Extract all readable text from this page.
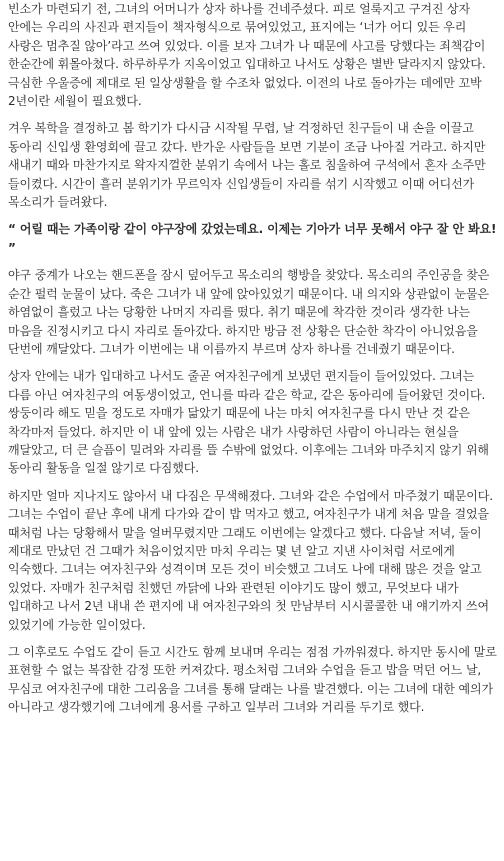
빈소가 마련되기 전, 그녀의 어머니가 상자 하나를 건네주셨다. 피로 얼룩지고 구겨진 상자 안에는 우리의 사진과 편지들이 책자형식으로 묶여있었고, 표지에는 ‘너가 어디 있든 우리 사랑은 멈추질 않아’라고 쓰여 있었다. 이를 보자 그녀가 나 때문에 사고를 당했다는 죄책감이 한순간에 휘몰아쳤다. 하루하루가 지옥이었고 입대하고 나서도 상황은 별반 달라지지 않았다. 극심한 우울증에 제대로 된 일상생활을 할 수조차 없었다. 이전의 나로 돌아가는 데에만 꼬박 2년이란 세월이 필요했다.

겨우 복학을 결정하고 봄 학기가 다시금 시작될 무렵, 날 걱정하던 친구들이 내 손을 이끌고 동아리 신입생 환영회에 끌고 갔다. 반가운 사람들을 보면 기분이 조금 나아질 거라고. 하지만 새내기 때와 마찬가지로 왁자지껄한 분위기 속에서 나는 홀로 침울하여 구석에서 혼자 소주만 들이켰다. 시간이 흘러 분위기가 무르익자 신입생들이 자리를 섞기 시작했고 이때 어디선가 목소리가 들려왔다.

“ 어릴 때는 가족이랑 같이 야구장에 갔었는데요. 이제는 기아가 너무 못해서 야구 잘 안 봐요! ”

야구 중계가 나오는 핸드폰을 잠시 덮어두고 목소리의 행방을 찾았다. 목소리의 주인공을 찾은 순간 펄럭 눈물이 났다. 죽은 그녀가 내 앞에 앉아있었기 때문이다. 내 의지와 상관없이 눈물은 하염없이 흘렀고 나는 당황한 나머지 자리를 떴다. 취기 때문에 착각한 것이라 생각한 나는 마음을 진정시키고 다시 자리로 돌아갔다. 하지만 방금 전 상황은 단순한 착각이 아니었음을 단번에 깨달았다. 그녀가 이번에는 내 이름까지 부르며 상자 하나를 건네줬기 때문이다.

상자 안에는 내가 입대하고 나서도 줄곧 여자친구에게 보냈던 편지들이 들어있었다. 그녀는 다름 아닌 여자친구의 여동생이었고, 언니를 따라 같은 학교, 같은 동아리에 들어왔던 것이다. 쌍둥이라 해도 믿을 정도로 자매가 닮았기 때문에 나는 마치 여자친구를 다시 만난 것 같은 착각마저 들었다. 하지만 이 내 앞에 있는 사람은 내가 사랑하던 사람이 아니라는 현실을 깨달았고, 더 큰 슬픔이 밀려와 자리를 뜰 수밖에 없었다. 이후에는 그녀와 마주치지 않기 위해 동아리 활동을 일절 않기로 다짐했다.

하지만 얼마 지나지도 않아서 내 다짐은 무색해졌다. 그녀와 같은 수업에서 마주쳤기 때문이다. 그녀는 수업이 끝난 후에 내게 다가와 같이 밥 먹자고 했고, 여자친구가 내게 처음 말을 걸었을 때처럼 나는 당황해서 말을 얼버무렸지만 그래도 이번에는 알겠다고 했다. 다음날 저녁, 둘이 제대로 만났던 건 그때가 처음이었지만 마치 우리는 몇 년 알고 지낸 사이처럼 서로에게 익숙했다. 그녀는 여자친구와 성격이며 모든 것이 비슷했고 그녀도 나에 대해 많은 것을 알고 있었다. 자매가 친구처럼 친했던 까닭에 나와 관련된 이야기도 많이 했고, 무엇보다 내가 입대하고 나서 2년 내내 쓴 편지에 내 여자친구와의 첫 만남부터 시시콜콜한 내 얘기까지 쓰여 있었기에 가능한 일이었다.

그 이후로도 수업도 같이 듣고 시간도 함께 보내며 우리는 점점 가까워졌다. 하지만 동시에 말로 표현할 수 없는 복잡한 감정 또한 커져갔다. 평소처럼 그녀와 수업을 듣고 밥을 먹던 어느 날, 무심코 여자친구에 대한 그리움을 그녀를 통해 달래는 나를 발견했다. 이는 그녀에 대한 예의가 아니라고 생각했기에 그녀에게 용서를 구하고 일부러 그녀와 거리를 두기로 했다.
